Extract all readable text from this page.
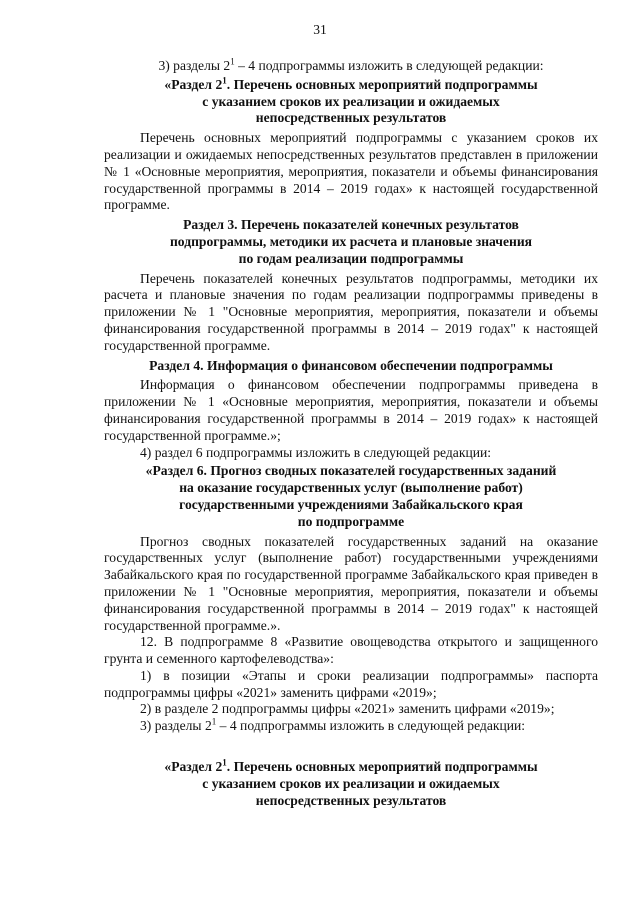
31

3) разделы $2^1 - 4$ подпрограммы изложить в следующей редакции:

«Раздел $2^1$. Перечень основных мероприятий подпрограммы

с указанием сроков их реализации и ожидаемых

непосредственных результатов

Перечень основных мероприятий подпрограммы с указанием сроков их реализации и ожидаемых непосредственных результатов представлен в приложении № 1 «Основные мероприятия, мероприятия, показатели и объемы финансирования государственной программы в 2014 – 2019 годах» к настоящей государственной программе.

Раздел 3. Перечень показателей конечных результатов

подпрограммы, методики их расчета и плановые значения

по годам реализации подпрограммы

Перечень показателей конечных результатов подпрограммы, методики их расчета и плановые значения по годам реализации подпрограммы приведены в приложении № 1 "Основные мероприятия, мероприятия, показатели и объемы финансирования государственной программы в 2014 – 2019 годах" к настоящей государственной программе.

Раздел 4. Информация о финансовом обеспечении подпрограммы

Информация о финансовом обеспечении подпрограммы приведена в приложении № 1 «Основные мероприятия, мероприятия, показатели и объемы финансирования государственной программы в 2014 – 2019 годах» к настоящей государственной программе.»;

4) раздел 6 подпрограммы изложить в следующей редакции:

«Раздел 6. Прогноз сводных показателей государственных заданий

на оказание государственных услуг (выполнение работ)

государственными учреждениями Забайкальского края

по подпрограмме

Прогноз сводных показателей государственных заданий на оказание государственных услуг (выполнение работ) государственными учреждениями Забайкальского края по государственной программе Забайкальского края приведен в приложении № 1 "Основные мероприятия, мероприятия, показатели и объемы финансирования государственной программы в 2014 – 2019 годах" к настоящей государственной программе.».

12. В подпрограмме 8 «Развитие овощеводства открытого и защищенного грунта и семенного картофелеводства»:

1) в позиции «Этапы и сроки реализации подпрограммы» паспорта подпрограммы цифры «2021» заменить цифрами «2019»;

2) в разделе 2 подпрограммы цифры «2021» заменить цифрами «2019»;

3) разделы $2^1 - 4$ подпрограммы изложить в следующей редакции:

«Раздел $2^1$. Перечень основных мероприятий подпрограммы

с указанием сроков их реализации и ожидаемых

непосредственных результатов
